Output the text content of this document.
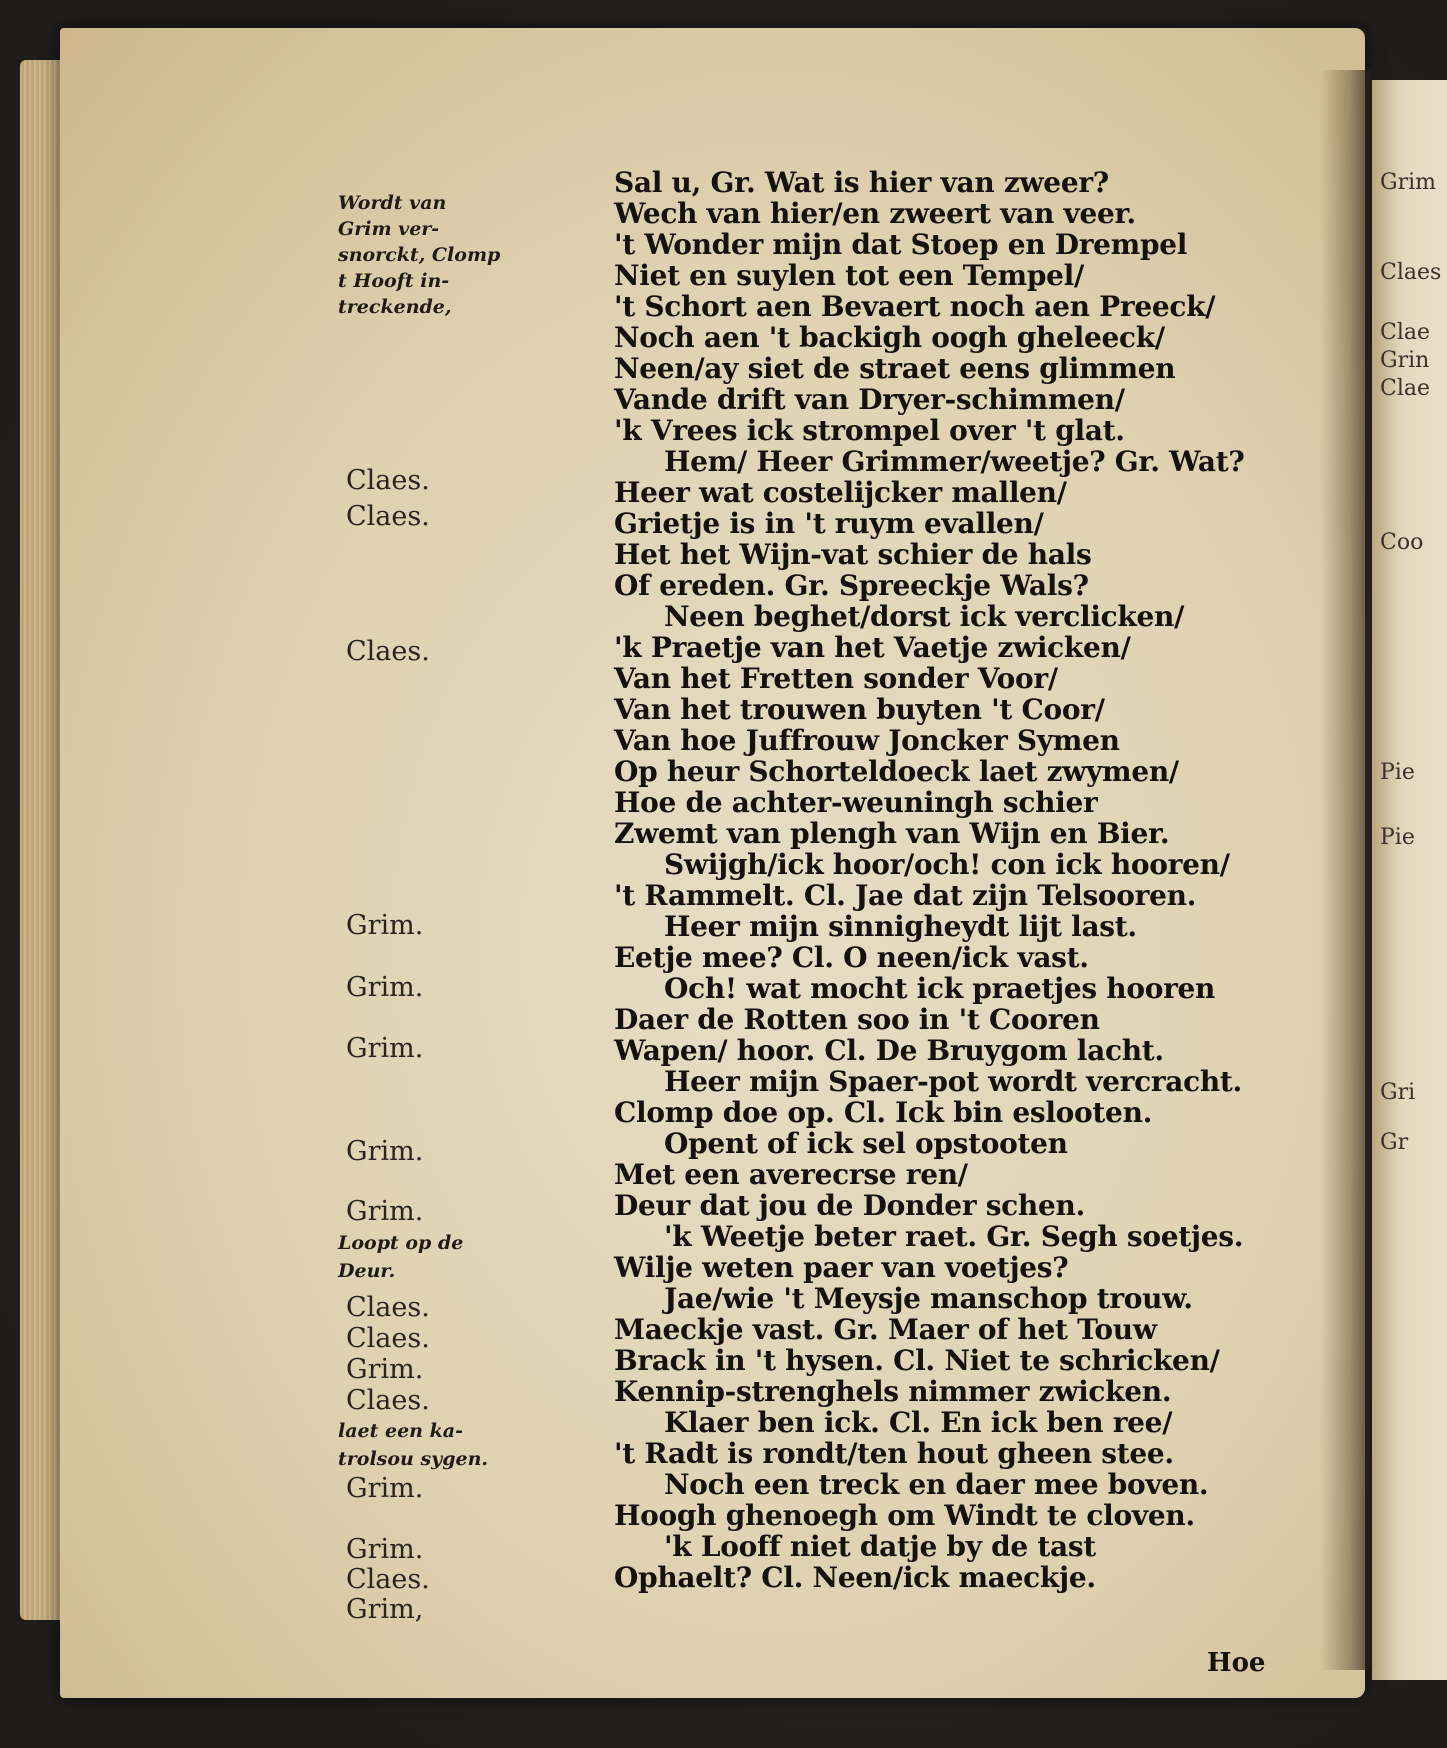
Grim
Claes
Clae
Grin
Clae
Coo
Pie
Pie
Gri
Gr
Wordt van
Grim ver-
snorckt, Clomp
t Hooft in-
treckende,
Claes.
Claes.
Claes.
Grim.
Grim.
Grim.
Grim.
Grim.
Loopt op de
Deur.
Claes.
Claes.
Grim.
Claes.
laet een ka-
trolsou sygen.
Grim.
Grim.
Claes.
Grim,
Sal u, Gr. Wat is hier van zweer?
Wech van hier/en zweert van veer.
't Wonder mijn dat Stoep en Drempel
Niet en suylen tot een Tempel/
't Schort aen Bevaert noch aen Preeck/
Noch aen 't backigh oogh gheleeck/
Neen/ay siet de straet eens glimmen
Vande drift van Dryer-schimmen/
'k Vrees ick strompel over 't glat.
Hem/ Heer Grimmer/weetje? Gr. Wat?
Heer wat costelijcker mallen/
Grietje is in 't ruym evallen/
Het het Wijn-vat schier de hals
Of ereden. Gr. Spreeckje Wals?
Neen beghet/dorst ick verclicken/
'k Praetje van het Vaetje zwicken/
Van het Fretten sonder Voor/
Van het trouwen buyten 't Coor/
Van hoe Juffrouw Joncker Symen
Op heur Schorteldoeck laet zwymen/
Hoe de achter-weuningh schier
Zwemt van plengh van Wijn en Bier.
Swijgh/ick hoor/och! con ick hooren/
't Rammelt. Cl. Jae dat zijn Telsooren.
Heer mijn sinnigheydt lijt last.
Eetje mee? Cl. O neen/ick vast.
Och! wat mocht ick praetjes hooren
Daer de Rotten soo in 't Cooren
Wapen/ hoor. Cl. De Bruygom lacht.
Heer mijn Spaer-pot wordt vercracht.
Clomp doe op. Cl. Ick bin eslooten.
Opent of ick sel opstooten
Met een averecrse ren/
Deur dat jou de Donder schen.
'k Weetje beter raet. Gr. Segh soetjes.
Wilje weten paer van voetjes?
Jae/wie 't Meysje manschop trouw.
Maeckje vast. Gr. Maer of het Touw
Brack in 't hysen. Cl. Niet te schricken/
Kennip-strenghels nimmer zwicken.
Klaer ben ick. Cl. En ick ben ree/
't Radt is rondt/ten hout gheen stee.
Noch een treck en daer mee boven.
Hoogh ghenoegh om Windt te cloven.
'k Looff niet datje by de tast
Ophaelt? Cl. Neen/ick maeckje.
Hoe
